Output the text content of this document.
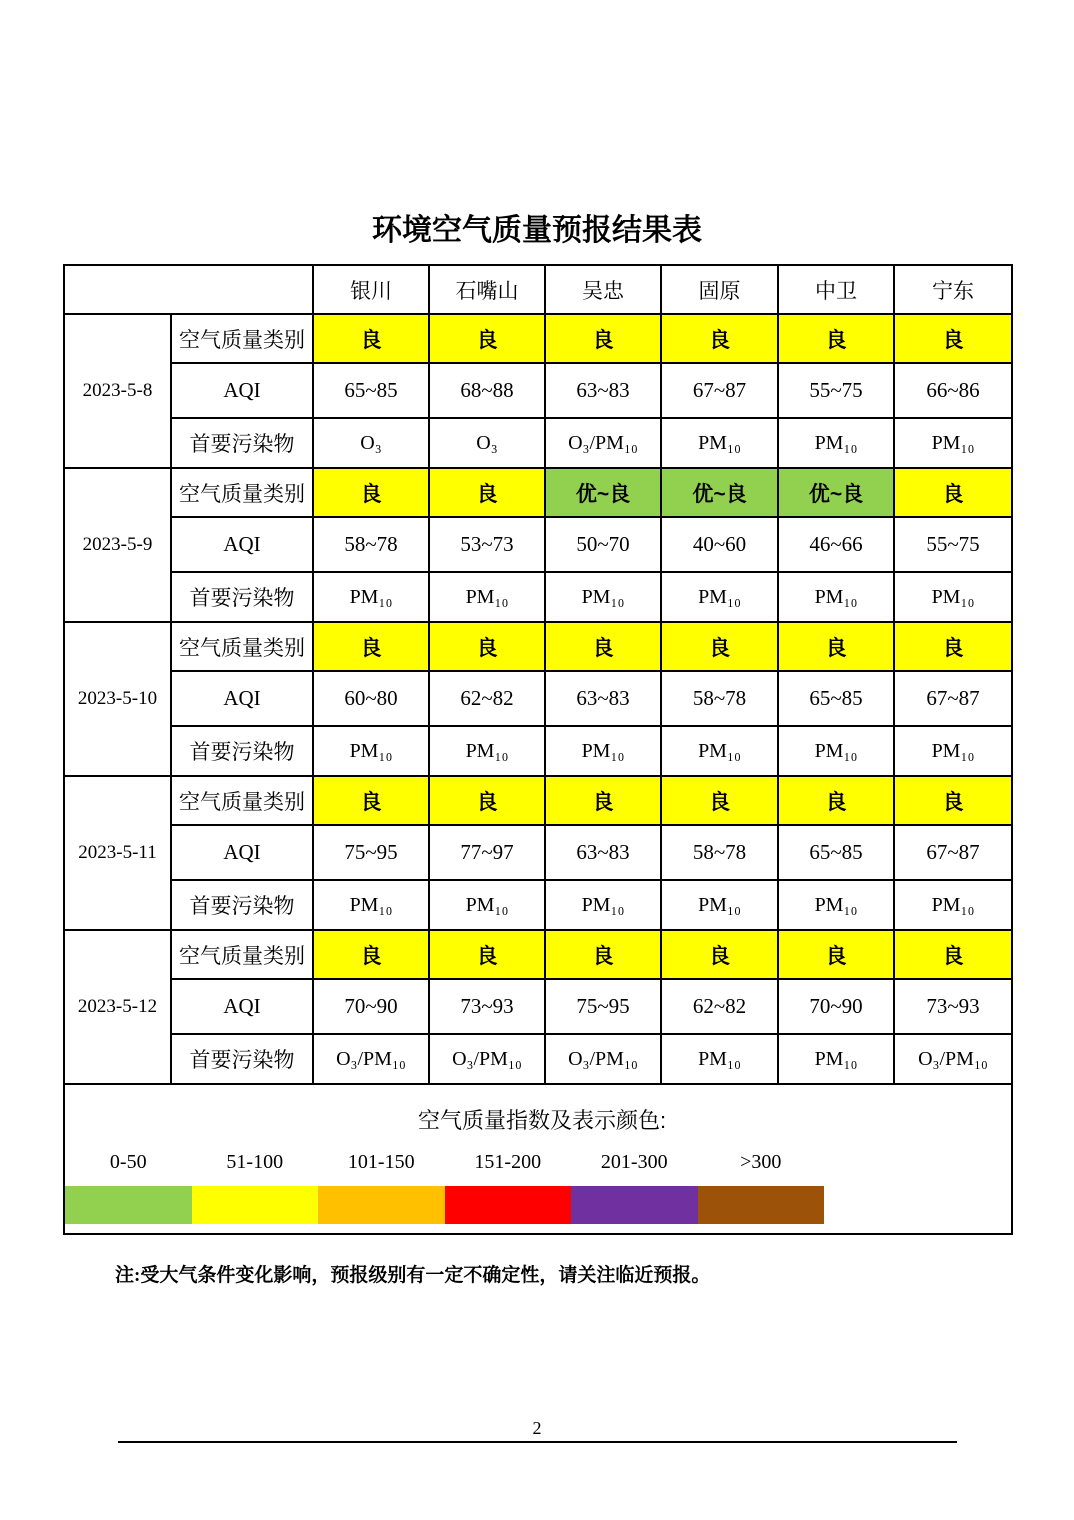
环境空气质量预报结果表
		银川	石嘴山	吴忠	固原	中卫	宁东
2023-5-8	空气质量类别	良	良	良	良	良	良
	AQI	65~85	68~88	63~83	67~87	55~75	66~86
	首要污染物	O₃	O₃	O₃/PM₁₀	PM₁₀	PM₁₀	PM₁₀
2023-5-9	空气质量类别	良	良	优~良	优~良	优~良	良
	AQI	58~78	53~73	50~70	40~60	46~66	55~75
	首要污染物	PM₁₀	PM₁₀	PM₁₀	PM₁₀	PM₁₀	PM₁₀
2023-5-10	空气质量类别	良	良	良	良	良	良
	AQI	60~80	62~82	63~83	58~78	65~85	67~87
	首要污染物	PM₁₀	PM₁₀	PM₁₀	PM₁₀	PM₁₀	PM₁₀
2023-5-11	空气质量类别	良	良	良	良	良	良
	AQI	75~95	77~97	63~83	58~78	65~85	67~87
	首要污染物	PM₁₀	PM₁₀	PM₁₀	PM₁₀	PM₁₀	PM₁₀
2023-5-12	空气质量类别	良	良	良	良	良	良
	AQI	70~90	73~93	75~95	62~82	70~90	73~93
	首要污染物	O₃/PM₁₀	O₃/PM₁₀	O₃/PM₁₀	PM₁₀	PM₁₀	O₃/PM₁₀

空气质量指数及表示颜色:
0-50	51-100	101-150	151-200	201-300	>300

注:受大气条件变化影响，预报级别有一定不确定性，请关注临近预报。

2
